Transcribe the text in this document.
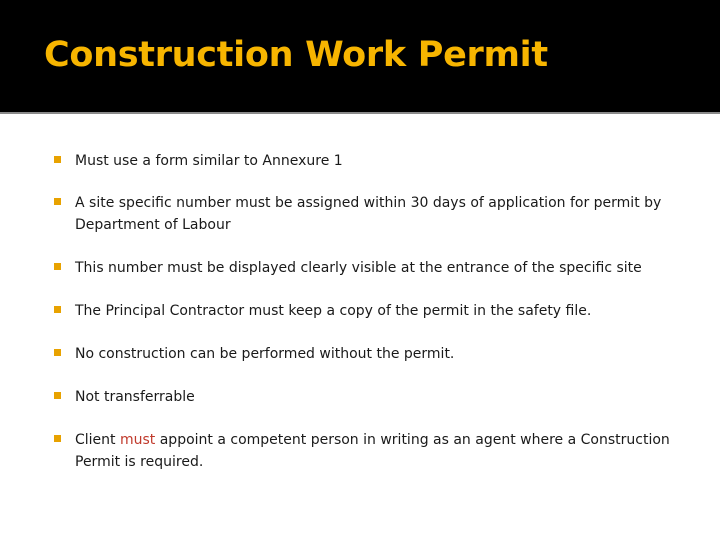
Construction Work Permit
Must use a form similar to Annexure 1
A site specific number must be assigned within 30 days of application for permit by Department of Labour
This number must be displayed clearly visible at the entrance of the specific site
The Principal Contractor must keep a copy of the permit in the safety file.
No construction can be performed without the permit.
Not transferrable
Client must appoint a competent person in writing as an agent where a Construction Permit is required.
